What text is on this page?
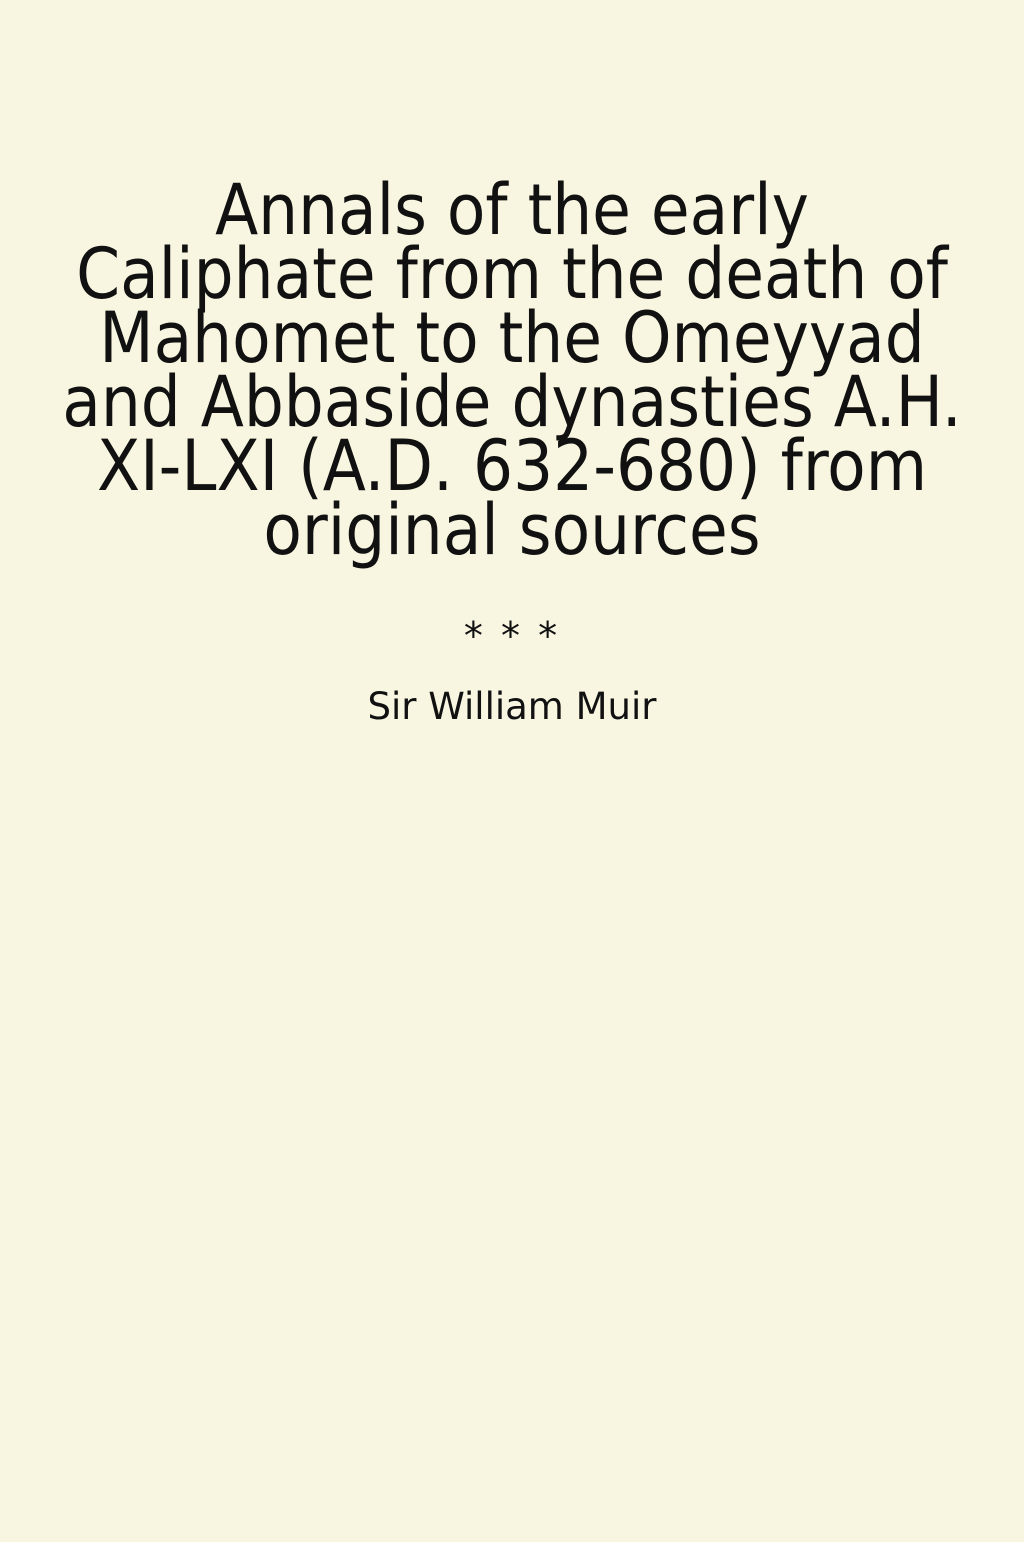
Annals of the early
Caliphate from the death of
Mahomet to the Omeyyad
and Abbaside dynasties A.H.
XI-LXI (A.D. 632-680) from
original sources
* * *
Sir William Muir
